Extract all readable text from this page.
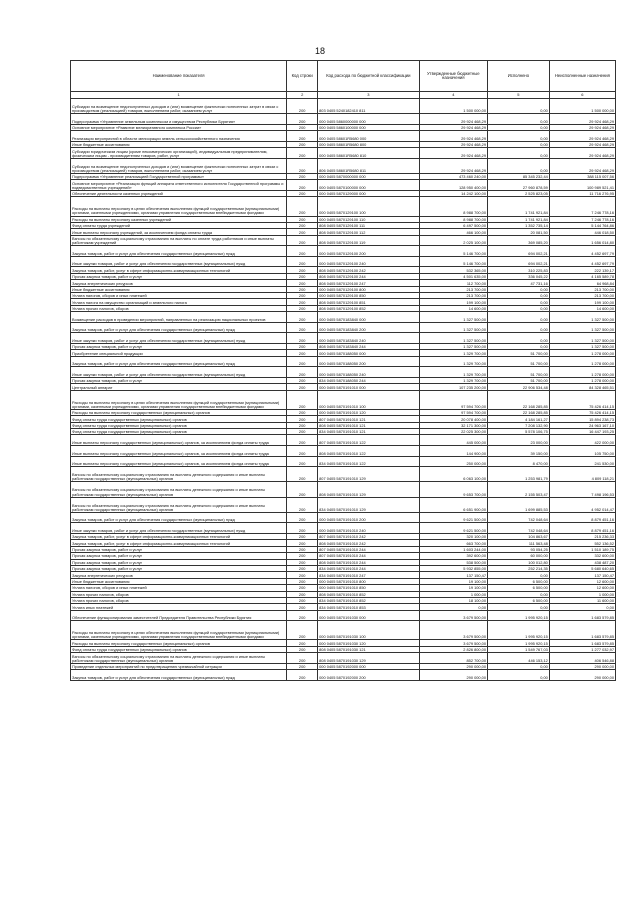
18
Наименование показателя	Код строки	Код расхода по бюджетной классификации	Утвержденные бюджетные назначения	Исполнено	Неисполненные назначения
1	2	3	4	5	6
Субсидии на возмещение недополученных доходов и (или) возмещение фактически понесенных затрат в связи с производством (реализацией) товаров, выполнением работ, оказанием услуг	200	803 0405 5240182410 811	1 500 000,00	0,00	1 500 000,00
Подпрограмма «Управление земельным комплексом и имуществом Республики Бурятия»	200	000 0405 5860000000 000	29 924 468,29	0,00	29 924 468,29
Основное мероприятие «Развитие мелиоративного комплекса России»	200	000 0405 5860100000 000	29 924 468,29	0,00	29 924 468,29
Реализация мероприятий в области мелиорации земель сельскохозяйственного назначения	200	000 0405 58601R5680 000	29 924 468,29	0,00	29 924 468,29
Иные бюджетные ассигнования	200	000 0405 58601R5680 800	29 924 468,29	0,00	29 924 468,29
Субсидии юридическим лицам (кроме некоммерческих организаций), индивидуальным предпринимателям, физическим лицам - производителям товаров, работ, услуг	200	000 0405 58601R5680 810	29 924 468,29	0,00	29 924 468,29
Субсидии на возмещение недополученных доходов и (или) возмещение фактически понесенных затрат в связи с производством (реализацией) товаров, выполнением работ, оказанием услуг	200	806 0405 58601R5680 811	29 924 468,29	0,00	29 924 468,29
Подпрограмма «Управление реализацией Государственной программы»	200	000 0405 5870000000 000	473 460 240,00	85 345 232,44	388 115 007,56
Основное мероприятие «Реализация функций аппарата ответственного исполнителя Государственной программы и подведомственных учреждений»	200	000 0405 5870100000 000	128 950 400,00	27 960 878,59	100 989 521,41
Обеспечение деятельности казенных учреждений	200	000 0405 5870129000 000	14 242 100,00	2 525 823,05	11 716 276,95
Расходы на выплаты персоналу в целях обеспечения выполнения функций государственными (муниципальными) органами, казенными учреждениями, органами управления государственными внебюджетными фондами	200	000 0405 5870129100 100	8 988 700,00	1 741 921,84	7 246 778,16
Расходы на выплаты персоналу казенных учреждений	200	000 0405 5870129100 110	8 988 700,00	1 741 921,84	7 246 778,16
Фонд оплаты труда учреждений	200	808 0405 5870129100 111	6 497 500,00	1 352 735,14	5 144 764,86
Иные выплаты персоналу учреждений, за исключением фонда оплаты труда	200	808 0405 5870129100 112	466 100,00	20 081,50	446 018,50
Взносы по обязательному социальному страхованию на выплаты по оплате труда работников и иные выплаты работникам учреждений	200	808 0405 5870129100 119	2 025 100,00	369 085,20	1 656 014,80
Закупка товаров, работ и услуг для обеспечения государственных (муниципальных) нужд	200	000 0405 5870129100 200	5 146 700,00	694 002,21	4 452 697,79
Иные закупки товаров, работ и услуг для обеспечения государственных (муниципальных) нужд	200	000 0405 5870129100 240	5 146 700,00	694 002,21	4 452 697,79
Закупка товаров, работ, услуг в сфере информационно-коммуникационных технологий	200	808 0405 5870129100 242	532 365,00	310 225,83	222 139,17
Прочая закупка товаров, работ и услуг	200	808 0405 5870129100 244	4 501 635,00	336 045,22	4 165 589,78
Закупка энергетических ресурсов	200	808 0405 5870129100 247	112 700,00	47 731,16	64 968,84
Иные бюджетные ассигнования	200	000 0405 5870129100 800	213 700,00	0,00	213 700,00
Уплата налогов, сборов и иных платежей	200	000 0405 5870129100 850	213 700,00	0,00	213 700,00
Уплата налога на имущество организаций и земельного налога	200	808 0405 5870129100 851	199 100,00	0,00	199 100,00
Уплата прочих налогов, сборов	200	808 0405 5870129100 852	14 600,00	0,00	14 600,00
Возмещение расходов в проведении мероприятий, направленных на реализацию национальных проектов	200	000 0405 5870183840 000	1 327 500,00	0,00	1 327 500,00
Закупка товаров, работ и услуг для обеспечения государственных (муниципальных) нужд	200	000 0405 5870183840 200	1 327 500,00	0,00	1 327 500,00
Иные закупки товаров, работ и услуг для обеспечения государственных (муниципальных) нужд	200	000 0405 5870183840 240	1 327 500,00	0,00	1 327 500,00
Прочая закупка товаров, работ и услуг	200	808 0405 5870183840 244	1 327 500,00	0,00	1 327 500,00
Приобретение специальной продукции	200	000 0405 5870188050 000	1 329 700,00	51 700,00	1 278 000,00
Закупка товаров, работ и услуг для обеспечения государственных (муниципальных) нужд	200	000 0405 5870188050 200	1 329 700,00	51 700,00	1 278 000,00
Иные закупки товаров, работ и услуг для обеспечения государственных (муниципальных) нужд	200	000 0405 5870188050 240	1 329 700,00	51 700,00	1 278 000,00
Прочая закупка товаров, работ и услуг	200	834 0405 5870188050 244	1 329 700,00	51 700,00	1 278 000,00
Центральный аппарат	200	000 0405 5870191010 000	107 235 200,00	22 906 534,48	84 328 465,51
Расходы на выплаты персоналу в целях обеспечения выполнения функций государственными (муниципальными) органами, казенными учреждениями, органами управления государственными внебюджетными фондами	200	000 0405 5870191010 100	97 594 700,00	22 168 285,85	75 426 414,15
Расходы на выплаты персоналу государственных (муниципальных) органов	200	000 0405 5870191010 120	97 594 700,00	22 168 285,85	75 426 414,15
Фонд оплаты труда государственных (муниципальных) органов	200	807 0405 5870191010 121	20 078 400,00	4 184 161,27	15 894 238,73
Фонд оплаты труда государственных (муниципальных) органов	200	808 0405 5870191010 121	32 171 300,00	7 208 132,90	24 963 167,10
Фонд оплаты труда государственных (муниципальных) органов	200	834 0405 5870191010 121	22 025 300,00	5 578 106,75	16 447 193,25
Иные выплаты персоналу государственных (муниципальных) органов, за исключением фонда оплаты труда	200	807 0405 5870191010 122	445 000,00	23 000,00	422 000,00
Иные выплаты персоналу государственных (муниципальных) органов, за исключением фонда оплаты труда	200	808 0405 5870191010 122	144 900,00	39 150,00	105 750,00
Иные выплаты персоналу государственных (муниципальных) органов, за исключением фонда оплаты труда	200	834 0405 5870191010 122	250 000,00	8 470,00	241 530,00
Взносы по обязательному социальному страхованию на выплаты денежного содержания и иные выплаты работникам государственных (муниципальных) органов	200	807 0405 5870191010 129	6 063 100,00	1 253 981,79	4 809 118,21
Взносы по обязательному социальному страхованию на выплаты денежного содержания и иные выплаты работникам государственных (муниципальных) органов	200	808 0405 5870191010 129	9 653 700,00	2 155 503,47	7 498 196,53
Взносы по обязательному социальному страхованию на выплаты денежного содержания и иные выплаты работникам государственных (муниципальных) органов	200	834 0405 5870191010 129	6 651 900,00	1 699 885,53	4 952 014,47
Закупка товаров, работ и услуг для обеспечения государственных (муниципальных) нужд	200	000 0405 5870191010 200	9 621 500,00	742 048,64	8 879 451,16
Иные закупки товаров, работ и услуг для обеспечения государственных (муниципальных) нужд	200	000 0405 5870191010 240	9 621 500,00	742 048,64	8 879 451,16
Закупка товаров, работ, услуг в сфере информационно-коммуникационных технологий	200	807 0405 5870191010 242	320 100,00	104 863,67	215 236,33
Закупка товаров, работ, услуг в сфере информационно-коммуникационных технологий	200	808 0405 5870191010 242	663 700,00	111 563,48	552 136,52
Прочая закупка товаров, работ и услуг	200	807 0405 5870191010 244	1 603 244,00	93 054,25	1 510 189,75
Прочая закупка товаров, работ и услуг	200	807 0405 5870191010 244	392 600,00	60 000,00	332 600,00
Прочая закупка товаров, работ и услуг	200	808 0405 5870191010 244	538 500,00	100 012,80	438 487,20
Прочая закупка товаров, работ и услуг	200	834 0405 5870191010 244	5 932 855,00	252 214,35	5 680 640,65
Закупка энергетических ресурсов	200	834 0405 5870191010 247	137 150,47	0,00	137 150,47
Иные бюджетные ассигнования	200	000 0405 5870191010 800	19 100,00	6 500,00	12 600,00
Уплата налогов, сборов и иных платежей	200	000 0405 5870191010 850	19 100,00	6 500,00	12 600,00
Уплата прочих налогов, сборов	200	808 0405 5870191010 852	1 000,00	0,00	1 000,00
Уплата прочих налогов, сборов	200	834 0405 5870191010 852	18 100,00	6 500,00	11 600,00
Уплата иных платежей	200	834 0405 5870191010 853	0,00	0,00	0,00
Обеспечение функционирования заместителей Председателя Правительства Республики Бурятия	200	000 0405 5870191030 000	3 679 500,00	1 995 920,15	1 683 579,85
Расходы на выплаты персоналу в целях обеспечения выполнения функций государственными (муниципальными) органами, казенными учреждениями, органами управления государственными внебюджетными фондами	200	000 0405 5870191030 100	3 679 500,00	1 995 920,15	1 683 579,85
Расходы на выплаты персоналу государственных (муниципальных) органов	200	000 0405 5870191030 120	3 679 500,00	1 995 920,15	1 683 579,85
Фонд оплаты труда государственных (муниципальных) органов	200	808 0405 5870191030 121	2 826 800,00	1 549 767,03	1 277 032,97
Взносы по обязательному социальному страхованию на выплаты денежного содержания и иные выплаты работникам государственных (муниципальных) органов	200	808 0405 5870191030 129	852 700,00	446 153,12	406 546,88
Проведение отдельных мероприятий по предотвращению чрезвычайной ситуации	200	000 0405 5870192000 000	290 000,00	0,00	290 000,00
Закупка товаров, работ и услуг для обеспечения государственных (муниципальных) нужд	200	000 0405 5870192000 200	290 000,00	0,00	290 000,00
